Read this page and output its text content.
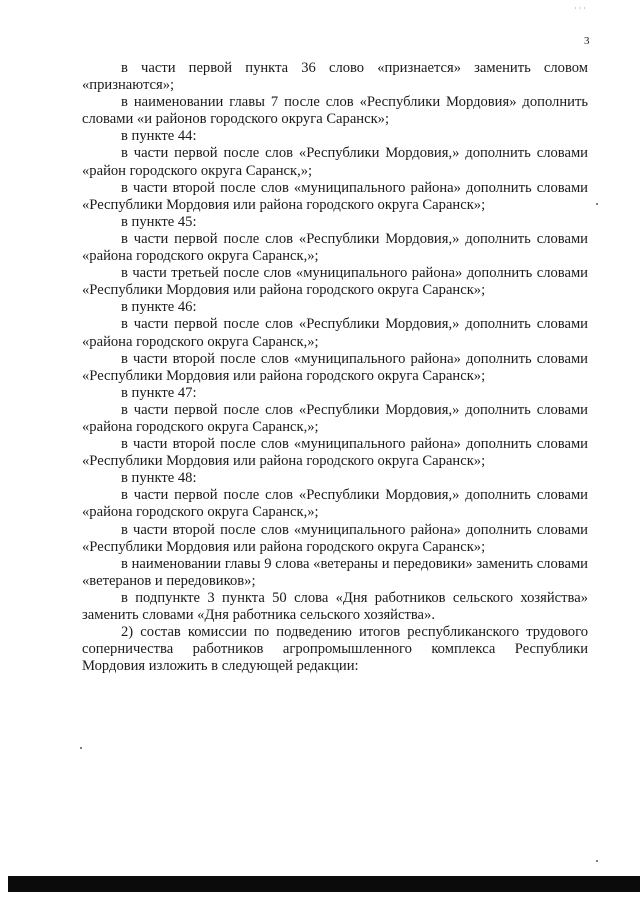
· · ·
3

в части первой пункта 36 слово «признается» заменить словом «признаются»;

в наименовании главы 7 после слов «Республики Мордовия» дополнить словами «и районов городского округа Саранск»;

в пункте 44:

в части первой после слов «Республики Мордовия,» дополнить словами «район городского округа Саранск,»;

в части второй после слов «муниципального района» дополнить словами «Республики Мордовия или района городского округа Саранск»;

в пункте 45:

в части первой после слов «Республики Мордовия,» дополнить словами «района городского округа Саранск,»;

в части третьей после слов «муниципального района» дополнить словами «Республики Мордовия или района городского округа Саранск»;

в пункте 46:

в части первой после слов «Республики Мордовия,» дополнить словами «района городского округа Саранск,»;

в части второй после слов «муниципального района» дополнить словами «Республики Мордовия или района городского округа Саранск»;

в пункте 47:

в части первой после слов «Республики Мордовия,» дополнить словами «района городского округа Саранск,»;

в части второй после слов «муниципального района» дополнить словами «Республики Мордовия или района городского округа Саранск»;

в пункте 48:

в части первой после слов «Республики Мордовия,» дополнить словами «района городского округа Саранск,»;

в части второй после слов «муниципального района» дополнить словами «Республики Мордовия или района городского округа Саранск»;

в наименовании главы 9 слова «ветераны и передовики» заменить словами «ветеранов и передовиков»;

в подпункте 3 пункта 50 слова «Дня работников сельского хозяйства» заменить словами «Дня работника сельского хозяйства».

2) состав комиссии по подведению итогов республиканского трудового соперничества работников агропромышленного комплекса Республики Мордовия изложить в следующей редакции:
